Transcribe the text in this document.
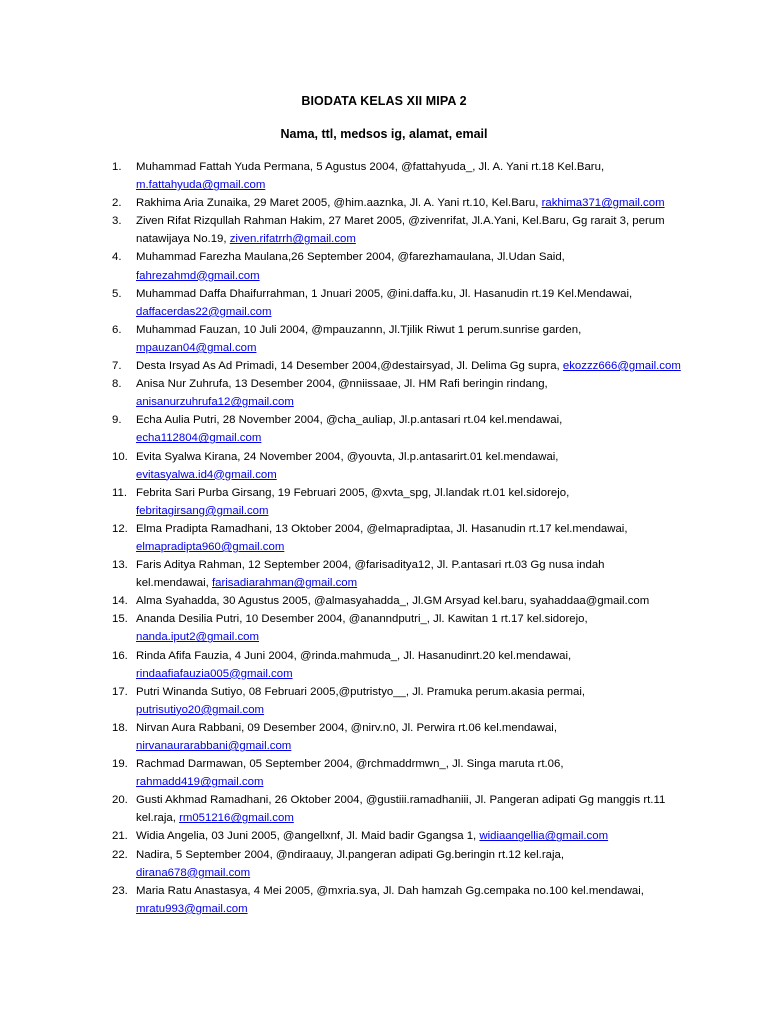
BIODATA KELAS XII MIPA 2
Nama, ttl, medsos ig, alamat, email
1. Muhammad Fattah Yuda Permana, 5 Agustus 2004, @fattahyuda_, Jl. A. Yani rt.18 Kel.Baru,
m.fattahyuda@gmail.com
2. Rakhima Aria Zunaika, 29 Maret 2005, @him.aaznka, Jl. A. Yani rt.10, Kel.Baru, rakhima371@gmail.com
3. Ziven Rifat Rizqullah Rahman Hakim, 27 Maret 2005, @zivenrifat, Jl.A.Yani, Kel.Baru, Gg rarait 3, perum
natawijaya No.19, ziven.rifatrrh@gmail.com
4. Muhammad Farezha Maulana,26 September 2004, @farezhamaulana, Jl.Udan Said,
fahrezahmd@gmail.com
5. Muhammad Daffa Dhaifurrahman, 1 Jnuari 2005, @ini.daffa.ku, Jl. Hasanudin rt.19 Kel.Mendawai,
daffacerdas22@gmail.com
6. Muhammad Fauzan, 10 Juli 2004, @mpauzannn, Jl.Tjilik Riwut 1 perum.sunrise garden,
mpauzan04@gmal.com
7. Desta Irsyad As Ad Primadi, 14 Desember 2004,@destairsyad, Jl. Delima Gg supra, ekozzz666@gmail.com
8. Anisa Nur Zuhrufa, 13 Desember 2004, @nniissaae, Jl. HM Rafi beringin rindang,
anisanurzuhrufa12@gmail.com
9. Echa Aulia Putri, 28 November 2004, @cha_auliap, Jl.p.antasari rt.04 kel.mendawai,
echa112804@gmail.com
10. Evita Syalwa Kirana, 24 November 2004, @youvta, Jl.p.antasarirt.01 kel.mendawai,
evitasyalwa.id4@gmail.com
11. Febrita Sari Purba Girsang, 19 Februari 2005, @xvta_spg, Jl.landak rt.01 kel.sidorejo,
febritagirsang@gmail.com
12. Elma Pradipta Ramadhani, 13 Oktober 2004, @elmapradiptaa, Jl. Hasanudin rt.17 kel.mendawai,
elmapradipta960@gmail.com
13. Faris Aditya Rahman, 12 September 2004, @farisaditya12, Jl. P.antasari rt.03 Gg nusa indah
kel.mendawai, farisadiarahman@gmail.com
14. Alma Syahadda, 30 Agustus 2005, @almasyahadda_, Jl.GM Arsyad kel.baru, syahaddaa@gmail.com
15. Ananda Desilia Putri, 10 Desember 2004, @ananndputri_, Jl. Kawitan 1 rt.17 kel.sidorejo,
nanda.iput2@gmail.com
16. Rinda Afifa Fauzia, 4 Juni 2004, @rinda.mahmuda_, Jl. Hasanudinrt.20 kel.mendawai,
rindaafiafauzia005@gmail.com
17. Putri Winanda Sutiyo, 08 Februari 2005,@putristyo__, Jl. Pramuka perum.akasia permai,
putrisutiyo20@gmail.com
18. Nirvan Aura Rabbani, 09 Desember 2004, @nirv.n0, Jl. Perwira rt.06 kel.mendawai,
nirvanaurarabbani@gmail.com
19. Rachmad Darmawan, 05 September 2004, @rchmaddrmwn_, Jl. Singa maruta rt.06,
rahmadd419@gmail.com
20. Gusti Akhmad Ramadhani, 26 Oktober 2004, @gustiii.ramadhaniii, Jl. Pangeran adipati Gg manggis rt.11
kel.raja, rm051216@gmail.com
21. Widia Angelia, 03 Juni 2005, @angellxnf, Jl. Maid badir Ggangsa 1, widiaangellia@gmail.com
22. Nadira, 5 September 2004, @ndiraauy, Jl.pangeran adipati Gg.beringin rt.12 kel.raja,
dirana678@gmail.com
23. Maria Ratu Anastasya, 4 Mei 2005, @mxria.sya, Jl. Dah hamzah Gg.cempaka no.100 kel.mendawai,
mratu993@gmail.com
